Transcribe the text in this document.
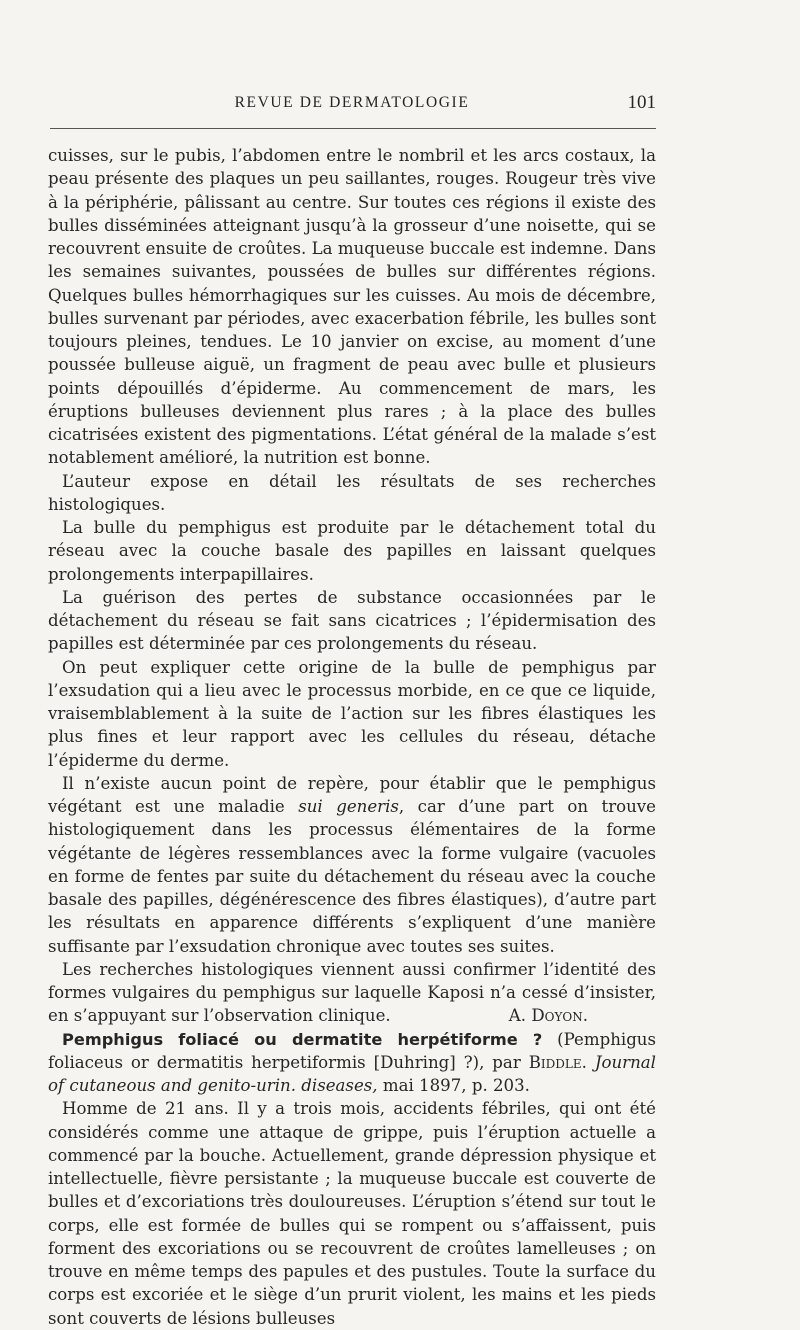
REVUE DE DERMATOLOGIE	101

cuisses, sur le pubis, l’abdomen entre le nombril et les arcs costaux, la peau présente des plaques un peu saillantes, rouges. Rougeur très vive à la périphérie, pâlissant au centre. Sur toutes ces régions il existe des bulles disséminées atteignant jusqu’à la grosseur d’une noisette, qui se recouvrent ensuite de croûtes. La muqueuse buccale est indemne. Dans les semaines suivantes, poussées de bulles sur différentes régions. Quelques bulles hémorrhagiques sur les cuisses. Au mois de décembre, bulles survenant par périodes, avec exacerbation fébrile, les bulles sont toujours pleines, tendues. Le 10 janvier on excise, au moment d’une poussée bulleuse aiguë, un fragment de peau avec bulle et plusieurs points dépouillés d’épiderme. Au commencement de mars, les éruptions bulleuses deviennent plus rares ; à la place des bulles cicatrisées existent des pigmentations. L’état général de la malade s’est notablement amélioré, la nutrition est bonne.

L’auteur expose en détail les résultats de ses recherches histologiques.

La bulle du pemphigus est produite par le détachement total du réseau avec la couche basale des papilles en laissant quelques prolongements interpapillaires.

La guérison des pertes de substance occasionnées par le détachement du réseau se fait sans cicatrices ; l’épidermisation des papilles est déterminée par ces prolongements du réseau.

On peut expliquer cette origine de la bulle de pemphigus par l’exsudation qui a lieu avec le processus morbide, en ce que ce liquide, vraisemblablement à la suite de l’action sur les fibres élastiques les plus fines et leur rapport avec les cellules du réseau, détache l’épiderme du derme.

Il n’existe aucun point de repère, pour établir que le pemphigus végétant est une maladie sui generis, car d’une part on trouve histologiquement dans les processus élémentaires de la forme végétante de légères ressemblances avec la forme vulgaire (vacuoles en forme de fentes par suite du détachement du réseau avec la couche basale des papilles, dégénérescence des fibres élastiques), d’autre part les résultats en apparence différents s’expliquent d’une manière suffisante par l’exsudation chronique avec toutes ses suites.

Les recherches histologiques viennent aussi confirmer l’identité des formes vulgaires du pemphigus sur laquelle Kaposi n’a cessé d’insister, en s’appuyant sur l’observation clinique.	A. Doyon.

Pemphigus foliacé ou dermatite herpétiforme ? (Pemphigus foliaceus or dermatitis herpetiformis [Duhring] ?), par Biddle. Journal of cutaneous and genito-urin. diseases, mai 1897, p. 203.

Homme de 21 ans. Il y a trois mois, accidents fébriles, qui ont été considérés comme une attaque de grippe, puis l’éruption actuelle a commencé par la bouche. Actuellement, grande dépression physique et intellectuelle, fièvre persistante ; la muqueuse buccale est couverte de bulles et d’excoriations très douloureuses. L’éruption s’étend sur tout le corps, elle est formée de bulles qui se rompent ou s’affaissent, puis forment des excoriations ou se recouvrent de croûtes lamelleuses ; on trouve en même temps des papules et des pustules. Toute la surface du corps est excoriée et le siège d’un prurit violent, les mains et les pieds sont couverts de lésions bulleuses
